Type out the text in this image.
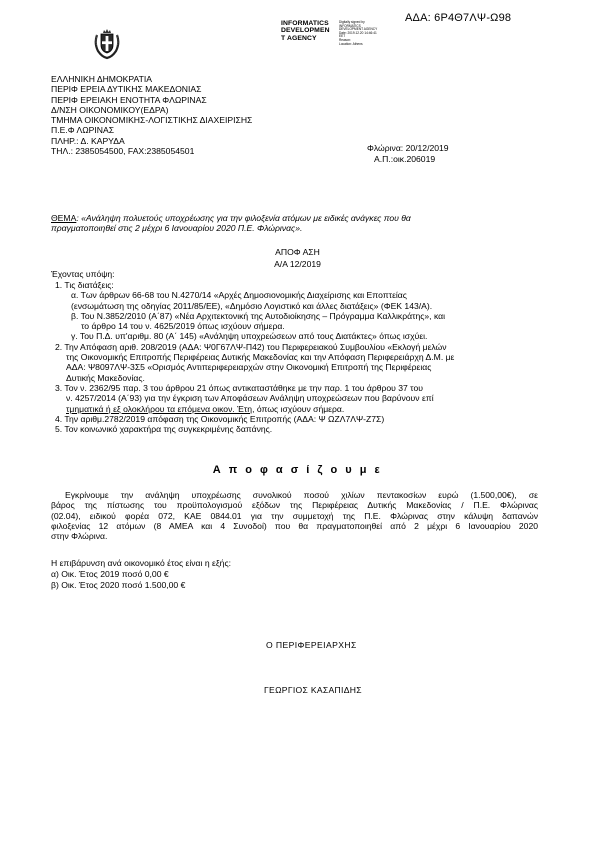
ΑΔΑ: 6Ρ4Θ7ΛΨ-Ω98
INFORMATICS
DEVELOPMEN
T AGENCY
Digitally signed by
INFORMATICS
DEVELOPMENT AGENCY
Date: 2019.12.20 14:46:41
EET
Reason:
Location: Athens
ΕΛΛΗΝΙΚΗ ΔΗΜΟΚΡΑΤΙΑ
ΠΕΡΙΦ ΕΡΕΙΑ ΔΥΤΙΚΗΣ ΜΑΚΕΔΟΝΙΑΣ
ΠΕΡΙΦ ΕΡΕΙΑΚΗ ΕΝΟΤΗΤΑ ΦΛΩΡΙΝΑΣ
Δ/ΝΣΗ ΟΙΚΟΝΟΜΙΚΟΥ(ΕΔΡΑ)
ΤΜΗΜΑ ΟΙΚΟΝΟΜΙΚΗΣ-ΛΟΓΙΣΤΙΚΗΣ ΔΙΑΧΕΙΡΙΣΗΣ
Π.Ε.Φ ΛΩΡΙΝΑΣ
ΠΛΗΡ.: Δ. ΚΑΡΥΔΑ
ΤΗΛ.: 2385054500, FAX:2385054501	Φλώρινα: 20/12/2019
Α.Π.:οικ.206019
ΘΕΜΑ: «Ανάληψη πολυετούς υποχρέωσης για την φιλοξενία ατόμων με ειδικές ανάγκες που θα
πραγματοποιηθεί στις 2 μέχρι 6 Ιανουαρίου 2020 Π.Ε. Φλώρινας».
ΑΠΟΦ ΑΣΗ
Α/Α 12/2019
Έχοντας υπόψη:
1. Τις διατάξεις:
α. Των άρθρων 66-68 του Ν.4270/14 «Αρχές Δημοσιονομικής Διαχείρισης και Εποπτείας
(ενσωμάτωση της οδηγίας 2011/85/ΕΕ), «Δημόσιο Λογιστικό και άλλες διατάξεις» (ΦΕΚ 143/Α).
β. Του Ν.3852/2010 (Α΄87) «Νέα Αρχιτεκτονική της Αυτοδιοίκησης – Πρόγραμμα Καλλικράτης», και
το άρθρο 14 του ν. 4625/2019 όπως ισχύουν σήμερα.
γ. Του Π.Δ. υπ'αριθμ. 80 (Α΄ 145) «Ανάληψη υποχρεώσεων από τους Διατάκτες» όπως ισχύει.
2. Την Απόφαση αριθ. 208/2019 (ΑΔΑ: Ψ0Γ67ΛΨ-Π42) του Περιφερειακού Συμβουλίου «Εκλογή μελών
της Οικονομικής Επιτροπής Περιφέρειας Δυτικής Μακεδονίας και την Απόφαση Περιφερειάρχη Δ.Μ. με
ΑΔΑ: Ψ8097ΛΨ-3Σ5 «Ορισμός Αντιπεριφερειαρχών στην Οικονομική Επιτροπή της Περιφέρειας
Δυτικής Μακεδονίας.
3. Τον ν. 2362/95 παρ. 3 του άρθρου 21 όπως αντικαταστάθηκε με την παρ. 1 του άρθρου 37 του
ν. 4257/2014 (Α΄93) για την έγκριση των Αποφάσεων Ανάληψη υποχρεώσεων που βαρύνουν επί
τμηματικά ή εξ ολοκλήρου τα επόμενα οικον. Έτη, όπως ισχύουν σήμερα.
4. Την αριθμ.2782/2019 απόφαση της Οικονομικής Επιτροπής (ΑΔΑ: Ψ ΩΖΛ7ΛΨ-Ζ7Σ)
5. Τον κοινωνικό χαρακτήρα της συγκεκριμένης δαπάνης.
Α π ο φ α σ ί ζ ο υ μ ε
Εγκρίνουμε την ανάληψη υποχρέωσης συνολικού ποσού χιλίων πεντακοσίων ευρώ (1.500,00€), σε
βάρος της πίστωσης του προϋπολογισμού εξόδων της Περιφέρειας Δυτικής Μακεδονίας / Π.Ε. Φλώρινας
(02.04), ειδικού φορέα 072, ΚΑΕ 0844.01 για την συμμετοχή της Π.Ε. Φλώρινας στην κάλυψη δαπανών
φιλοξενίας 12 ατόμων (8 ΑΜΕΑ και 4 Συνοδοί) που θα πραγματοποιηθεί από 2 μέχρι 6 Ιανουαρίου 2020
στην Φλώρινα.
Η επιβάρυνση ανά οικονομικό έτος είναι η εξής:
α) Οικ. Έτος 2019 ποσό 0,00 €
β) Οικ. Έτος 2020 ποσό 1.500,00 €
Ο ΠΕΡΙΦΕΡΕΙΑΡΧΗΣ
ΓΕΩΡΓΙΟΣ ΚΑΣΑΠΙΔΗΣ
